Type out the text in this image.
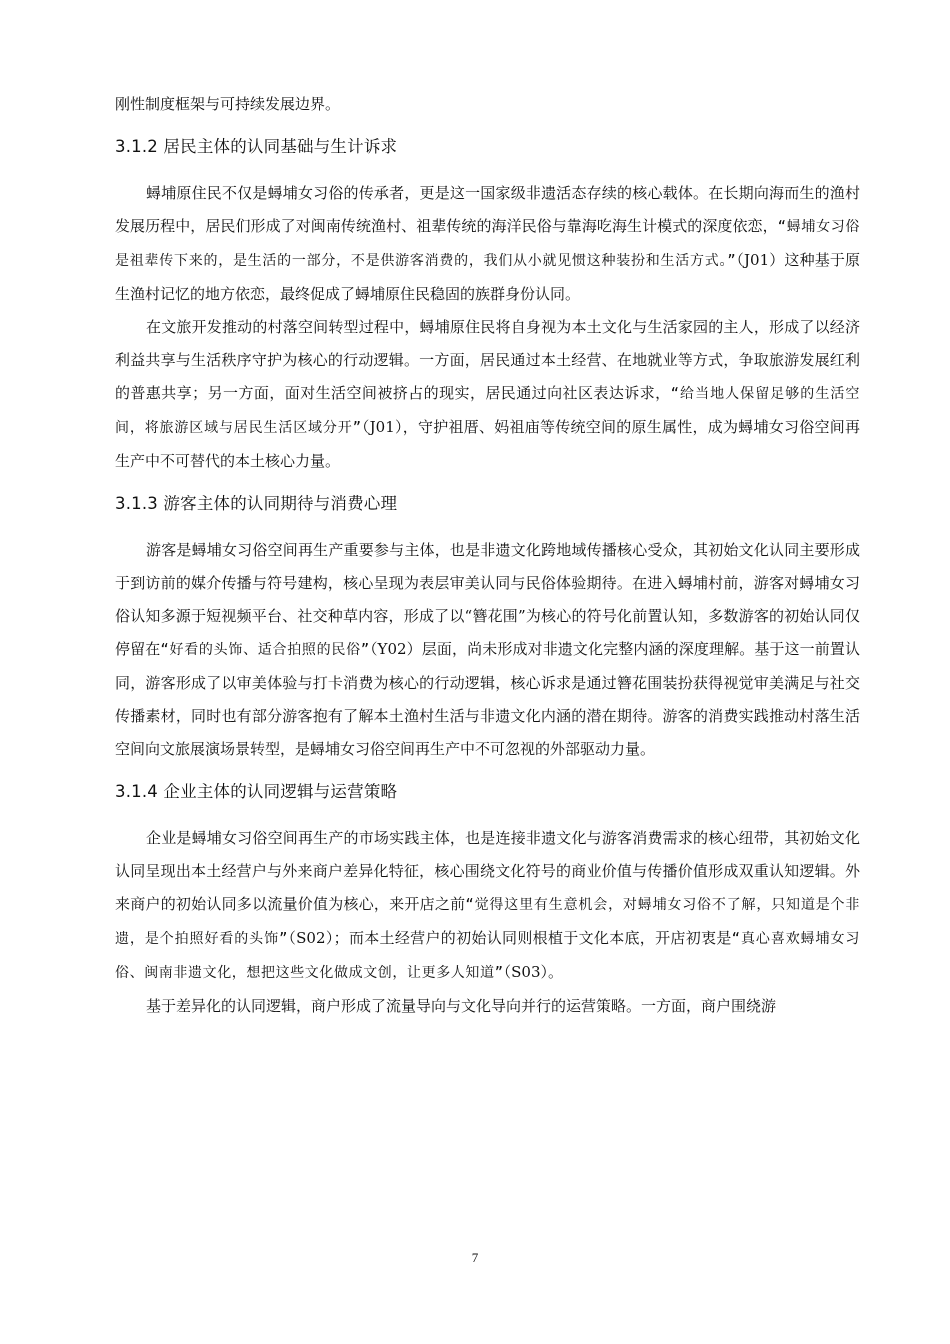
刚性制度框架与可持续发展边界。

3.1.2 居民主体的认同基础与生计诉求

蟳埔原住民不仅是蟳埔女习俗的传承者，更是这一国家级非遗活态存续的核心载体。在长期向海而生的渔村发展历程中，居民们形成了对闽南传统渔村、祖辈传统的海洋民俗与靠海吃海生计模式的深度依恋，“蟳埔女习俗是祖辈传下来的，是生活的一部分，不是供游客消费的，我们从小就见惯这种装扮和生活方式。”（J01）这种基于原生渔村记忆的地方依恋，最终促成了蟳埔原住民稳固的族群身份认同。

在文旅开发推动的村落空间转型过程中，蟳埔原住民将自身视为本土文化与生活家园的主人，形成了以经济利益共享与生活秩序守护为核心的行动逻辑。一方面，居民通过本土经营、在地就业等方式，争取旅游发展红利的普惠共享；另一方面，面对生活空间被挤占的现实，居民通过向社区表达诉求，“给当地人保留足够的生活空间，将旅游区域与居民生活区域分开”（J01），守护祖厝、妈祖庙等传统空间的原生属性，成为蟳埔女习俗空间再生产中不可替代的本土核心力量。

3.1.3 游客主体的认同期待与消费心理

游客是蟳埔女习俗空间再生产重要参与主体，也是非遗文化跨地域传播核心受众，其初始文化认同主要形成于到访前的媒介传播与符号建构，核心呈现为表层审美认同与民俗体验期待。在进入蟳埔村前，游客对蟳埔女习俗认知多源于短视频平台、社交种草内容，形成了以“簪花围”为核心的符号化前置认知，多数游客的初始认同仅停留在“好看的头饰、适合拍照的民俗”（Y02）层面，尚未形成对非遗文化完整内涵的深度理解。基于这一前置认同，游客形成了以审美体验与打卡消费为核心的行动逻辑，核心诉求是通过簪花围装扮获得视觉审美满足与社交传播素材，同时也有部分游客抱有了解本土渔村生活与非遗文化内涵的潜在期待。游客的消费实践推动村落生活空间向文旅展演场景转型，是蟳埔女习俗空间再生产中不可忽视的外部驱动力量。

3.1.4 企业主体的认同逻辑与运营策略

企业是蟳埔女习俗空间再生产的市场实践主体，也是连接非遗文化与游客消费需求的核心纽带，其初始文化认同呈现出本土经营户与外来商户差异化特征，核心围绕文化符号的商业价值与传播价值形成双重认知逻辑。外来商户的初始认同多以流量价值为核心，来开店之前“觉得这里有生意机会，对蟳埔女习俗不了解，只知道是个非遗，是个拍照好看的头饰”（S02）；而本土经营户的初始认同则根植于文化本底，开店初衷是“真心喜欢蟳埔女习俗、闽南非遗文化，想把这些文化做成文创，让更多人知道”（S03）。

基于差异化的认同逻辑，商户形成了流量导向与文化导向并行的运营策略。一方面，商户围绕游

7
